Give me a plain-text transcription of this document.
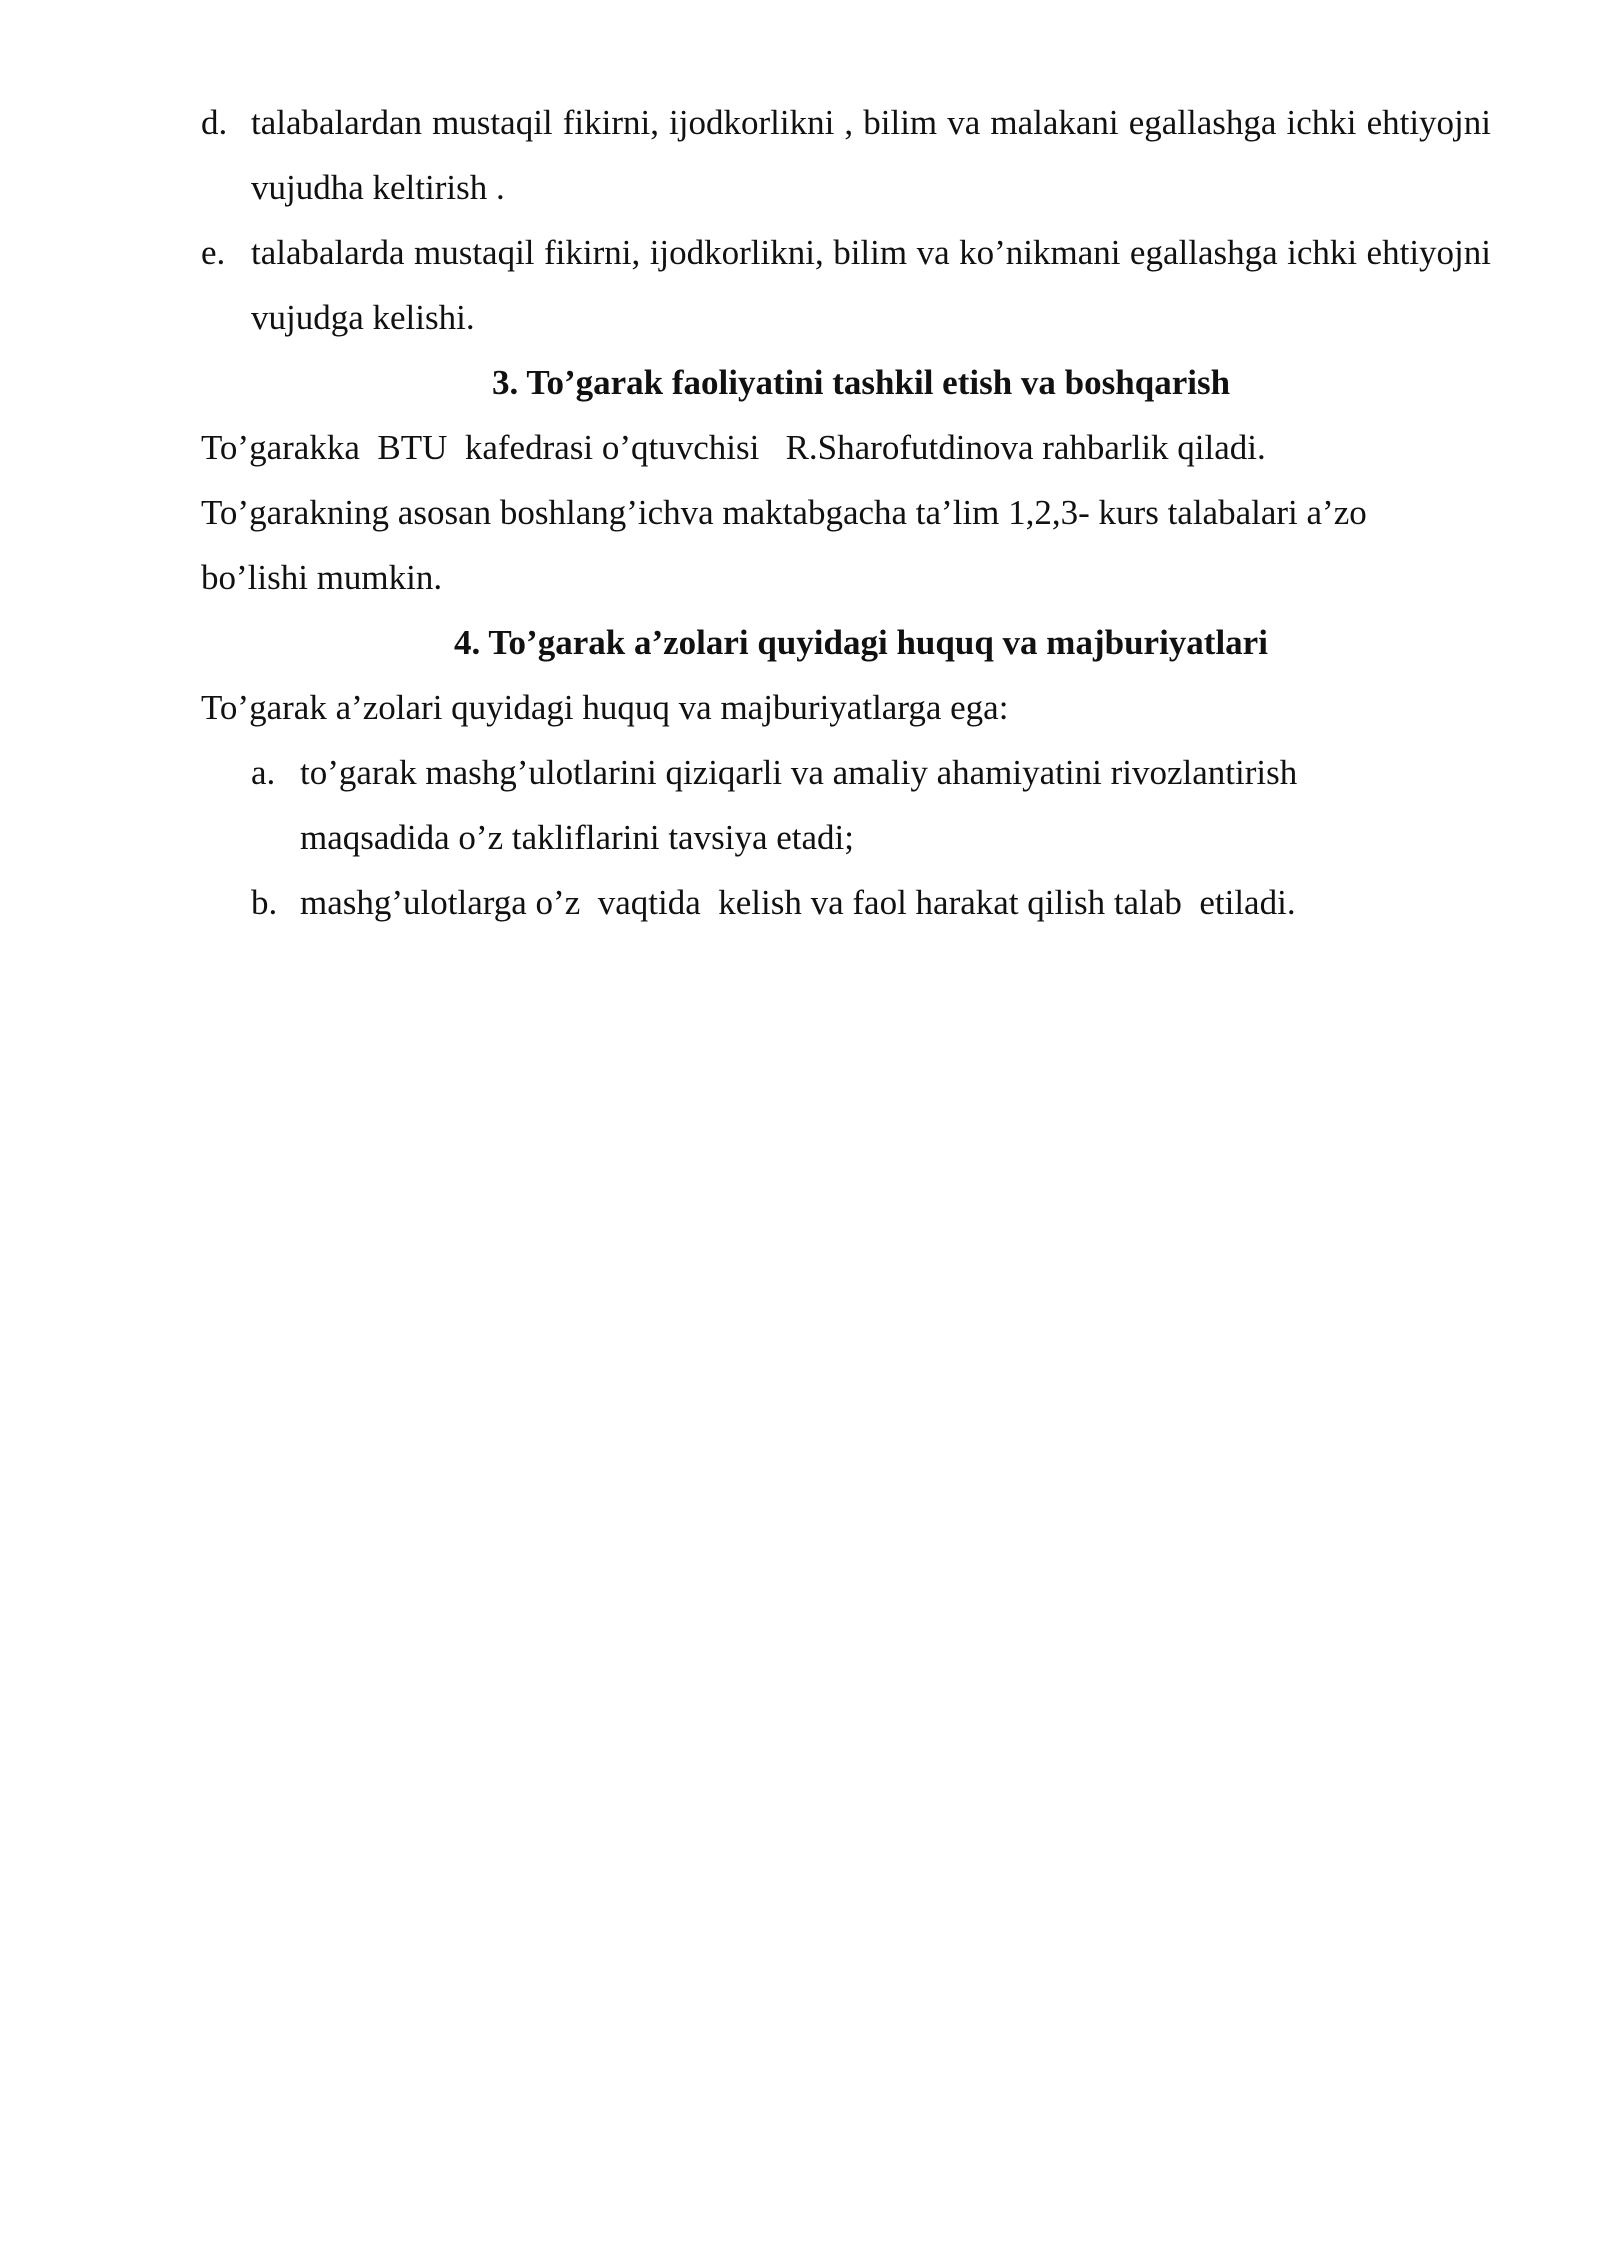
d. talabalardan mustaqil fikirni, ijodkorlikni , bilim va malakani egallashga ichki ehtiyojni vujudha keltirish .
e. talabalarda mustaqil fikirni, ijodkorlikni, bilim va ko’nikmani egallashga ichki ehtiyojni vujudga kelishi.
3. To’garak faoliyatini tashkil etish va boshqarish
To’garakka  BTU  kafedrasi o’qtuvchisi   R.Sharofutdinova rahbarlik qiladi.
To’garakning asosan boshlang’ichva maktabgacha ta’lim 1,2,3- kurs talabalari a’zo
bo’lishi mumkin.
4. To’garak a’zolari quyidagi huquq va majburiyatlari
To’garak a’zolari quyidagi huquq va majburiyatlarga ega:
a. to’garak mashg’ulotlarini qiziqarli va amaliy ahamiyatini rivozlantirish maqsadida o’z takliflarini tavsiya etadi;
b. mashg’ulotlarga o’z  vaqtida  kelish va faol harakat qilish talab  etiladi.
